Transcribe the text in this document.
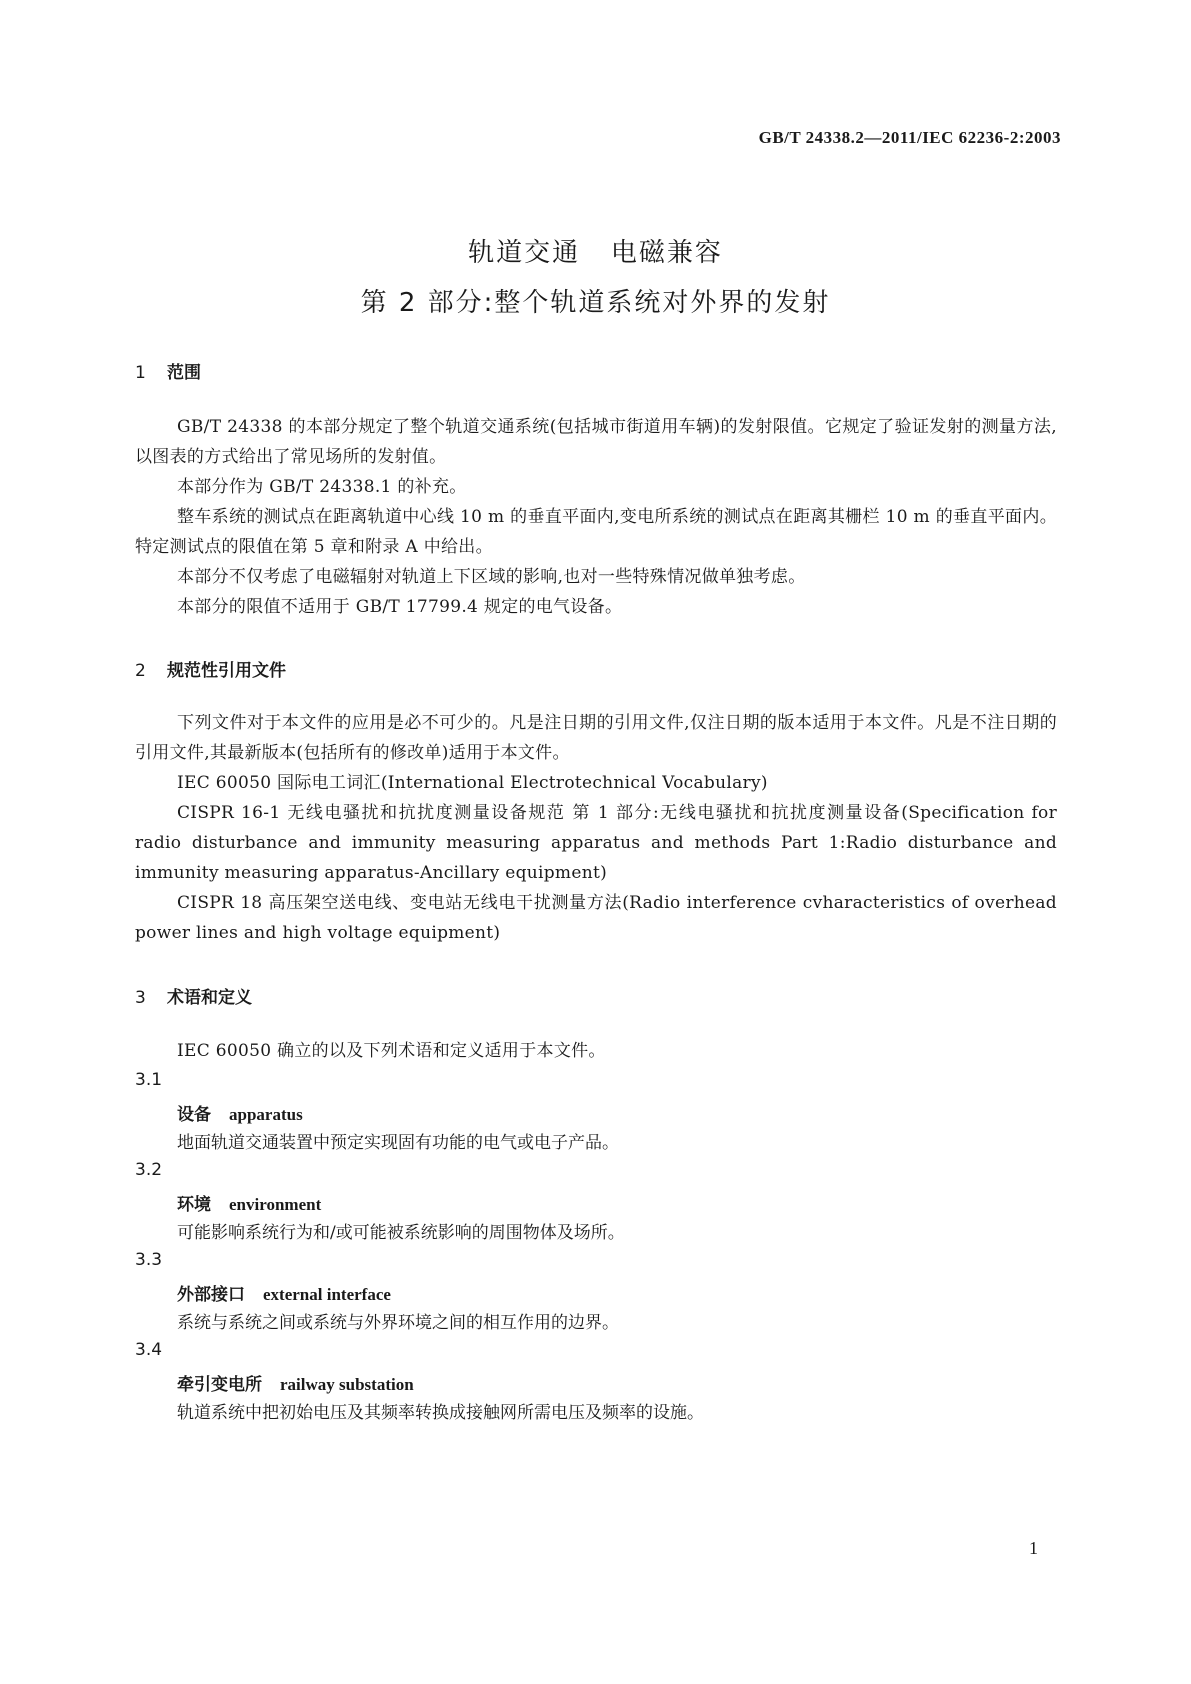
GB/T 24338.2—2011/IEC 62236-2:2003
轨道交通   电磁兼容
第 2 部分:整个轨道系统对外界的发射
1 范围
GB/T 24338 的本部分规定了整个轨道交通系统(包括城市街道用车辆)的发射限值。它规定了验证发射的测量方法,以图表的方式给出了常见场所的发射值。
本部分作为 GB/T 24338.1 的补充。
整车系统的测试点在距离轨道中心线 10 m 的垂直平面内,变电所系统的测试点在距离其栅栏 10 m 的垂直平面内。特定测试点的限值在第 5 章和附录 A 中给出。
本部分不仅考虑了电磁辐射对轨道上下区域的影响,也对一些特殊情况做单独考虑。
本部分的限值不适用于 GB/T 17799.4 规定的电气设备。
2 规范性引用文件
下列文件对于本文件的应用是必不可少的。凡是注日期的引用文件,仅注日期的版本适用于本文件。凡是不注日期的引用文件,其最新版本(包括所有的修改单)适用于本文件。
IEC 60050 国际电工词汇(International Electrotechnical Vocabulary)
CISPR 16-1 无线电骚扰和抗扰度测量设备规范 第 1 部分:无线电骚扰和抗扰度测量设备(Specification for radio disturbance and immunity measuring apparatus and methods Part 1:Radio disturbance and immunity measuring apparatus-Ancillary equipment)
CISPR 18 高压架空送电线、变电站无线电干扰测量方法(Radio interference cvharacteristics of overhead power lines and high voltage equipment)
3 术语和定义
IEC 60050 确立的以及下列术语和定义适用于本文件。
3.1
设备 apparatus
地面轨道交通装置中预定实现固有功能的电气或电子产品。
3.2
环境 environment
可能影响系统行为和/或可能被系统影响的周围物体及场所。
3.3
外部接口 external interface
系统与系统之间或系统与外界环境之间的相互作用的边界。
3.4
牵引变电所 railway substation
轨道系统中把初始电压及其频率转换成接触网所需电压及频率的设施。
1
